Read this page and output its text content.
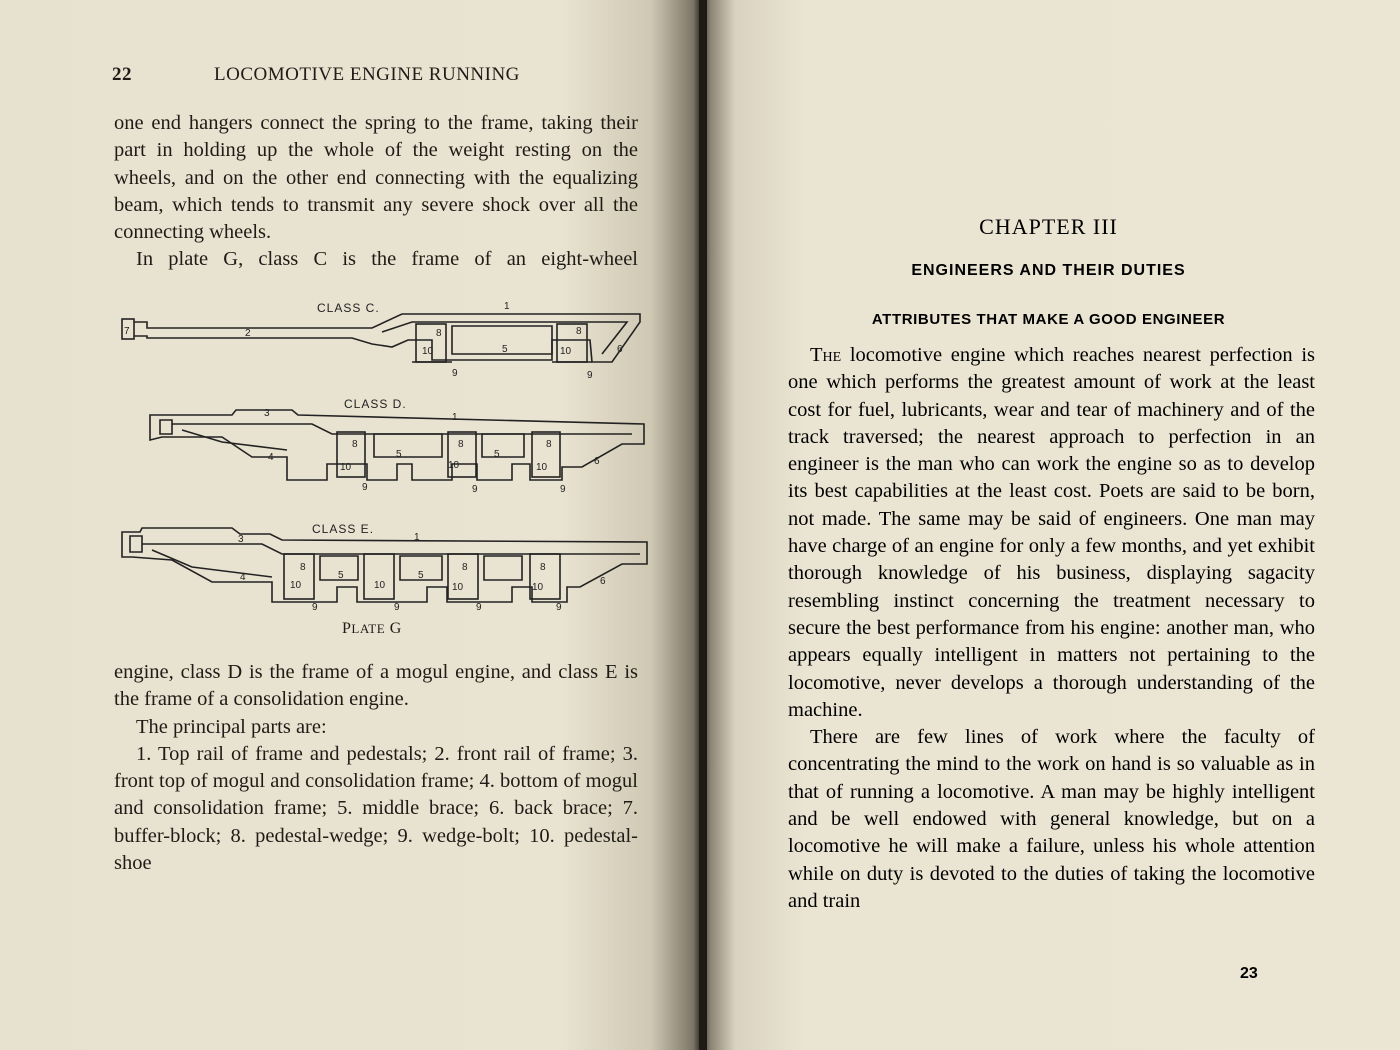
22	LOCOMOTIVE ENGINE RUNNING

one end hangers connect the spring to the frame, taking their part in holding up the whole of the weight resting on the wheels, and on the other end connecting with the equalizing beam, which tends to transmit any severe shock over all the connecting wheels.

In plate G, class C is the frame of an eight-wheel

CLASS C.
CLASS D.
CLASS E.
7	2
1
8
10	5	10
8
6
9	9
3	1
4
8
10
5
8
10
5
8
10
6
9	9	9
3	1
4
8
10
5
10
5
8
10
8
10
6
9	9	9	9
PLATE G

engine, class D is the frame of a mogul engine, and class E is the frame of a consolidation engine.

The principal parts are:

1. Top rail of frame and pedestals; 2. front rail of frame; 3. front top of mogul and consolidation frame; 4. bottom of mogul and consolidation frame; 5. middle brace; 6. back brace; 7. buffer-block; 8. pedestal-wedge; 9. wedge-bolt; 10. pedestal-shoe

CHAPTER III
ENGINEERS AND THEIR DUTIES
ATTRIBUTES THAT MAKE A GOOD ENGINEER

The locomotive engine which reaches nearest perfection is one which performs the greatest amount of work at the least cost for fuel, lubricants, wear and tear of machinery and of the track traversed; the nearest approach to perfection in an engineer is the man who can work the engine so as to develop its best capabilities at the least cost. Poets are said to be born, not made. The same may be said of engineers. One man may have charge of an engine for only a few months, and yet exhibit thorough knowledge of his business, displaying sagacity resembling instinct concerning the treatment necessary to secure the best performance from his engine: another man, who appears equally intelligent in matters not pertaining to the locomotive, never develops a thorough understanding of the machine.

There are few lines of work where the faculty of concentrating the mind to the work on hand is so valuable as in that of running a locomotive. A man may be highly intelligent and be well endowed with general knowledge, but on a locomotive he will make a failure, unless his whole attention while on duty is devoted to the duties of taking the locomotive and train

23
